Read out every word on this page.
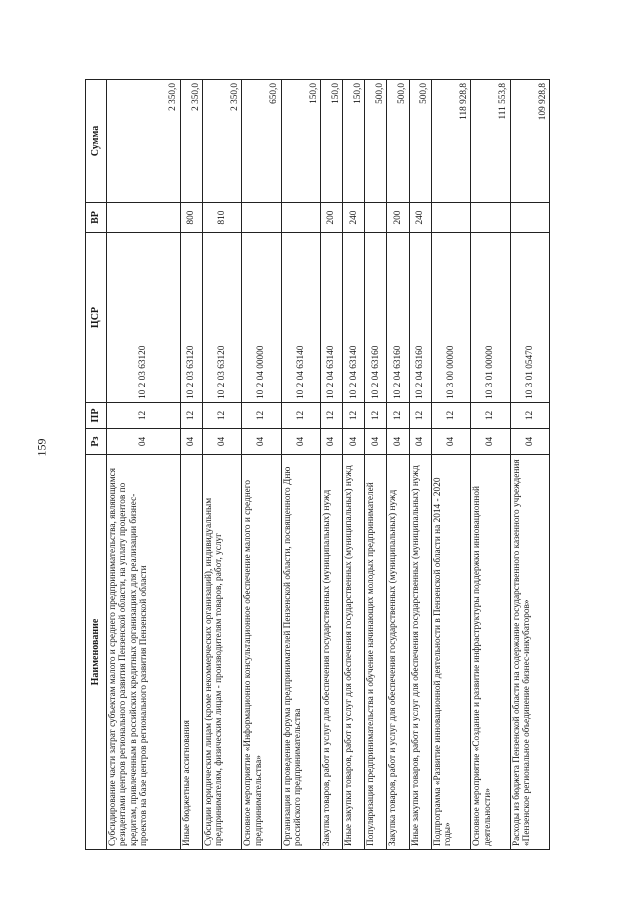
159
Наименование	Рз	ПР	ЦСР	ВР	Сумма
Субсидирование части затрат субъектам малого и среднего предпринимательства, являющимся резидентами центров регионального развития Пензенской области, на уплату процентов по кредитам, привлеченным в российских кредитных организациях для реализации бизнес-проектов на базе центров регионального развития Пензенской области	04	12	10 2 03 63120		2 350,0
Иные бюджетные ассигнования	04	12	10 2 03 63120	800	2 350,0
Субсидии юридическим лицам (кроме некоммерческих организаций), индивидуальным предпринимателям, физическим лицам - производителям товаров, работ, услуг	04	12	10 2 03 63120	810	2 350,0
Основное мероприятие «Информационно консультационное обеспечение малого и среднего предпринимательства»	04	12	10 2 04 00000		650,0
Организация и проведение форума предпринимателей Пензенской области, посвященного Дню российского предпринимательства	04	12	10 2 04 63140		150,0
Закупка товаров, работ и услуг для обеспечения государственных (муниципальных) нужд	04	12	10 2 04 63140	200	150,0
Иные закупки товаров, работ и услуг для обеспечения государственных (муниципальных) нужд	04	12	10 2 04 63140	240	150,0
Популяризация предпринимательства и обучение начинающих молодых предпринимателей	04	12	10 2 04 63160		500,0
Закупка товаров, работ и услуг для обеспечения государственных (муниципальных) нужд	04	12	10 2 04 63160	200	500,0
Иные закупки товаров, работ и услуг для обеспечения государственных (муниципальных) нужд	04	12	10 2 04 63160	240	500,0
Подпрограмма «Развитие инновационной деятельности в Пензенской области на 2014 - 2020 годы»	04	12	10 3 00 00000		118 928,8
Основное мероприятие «Создание и развитие инфраструктуры поддержки инновационной деятельности»	04	12	10 3 01 00000		111 553,8
Расходы из бюджета Пензенской области на содержание государственного казенного учреждения «Пензенское региональное объединение бизнес-инкубаторов»	04	12	10 3 01 05470		109 928,8
